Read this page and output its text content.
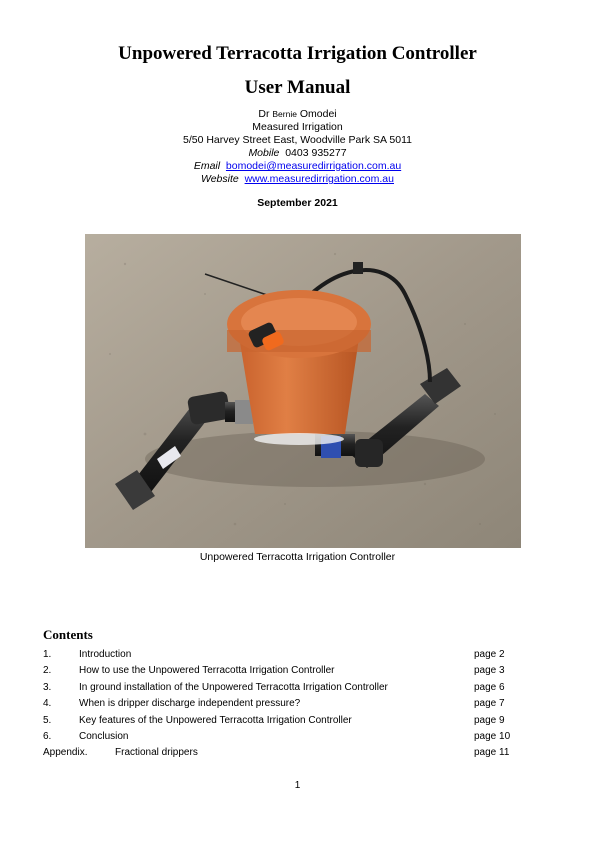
Unpowered Terracotta Irrigation Controller
User Manual
Dr Bernie Omodei
Measured Irrigation
5/50 Harvey Street East, Woodville Park SA 5011
Mobile 0403 935277
Email bomodei@measuredirrigation.com.au
Website www.measuredirrigation.com.au
September 2021
Unpowered Terracotta Irrigation Controller
Contents
1.	Introduction	page 2
2.	How to use the Unpowered Terracotta Irrigation Controller	page 3
3.	In ground installation of the Unpowered Terracotta Irrigation Controller	page 6
4.	When is dripper discharge independent pressure?	page 7
5.	Key features of the Unpowered Terracotta Irrigation Controller	page 9
6.	Conclusion	page 10
Appendix.	Fractional drippers	page 11
1
